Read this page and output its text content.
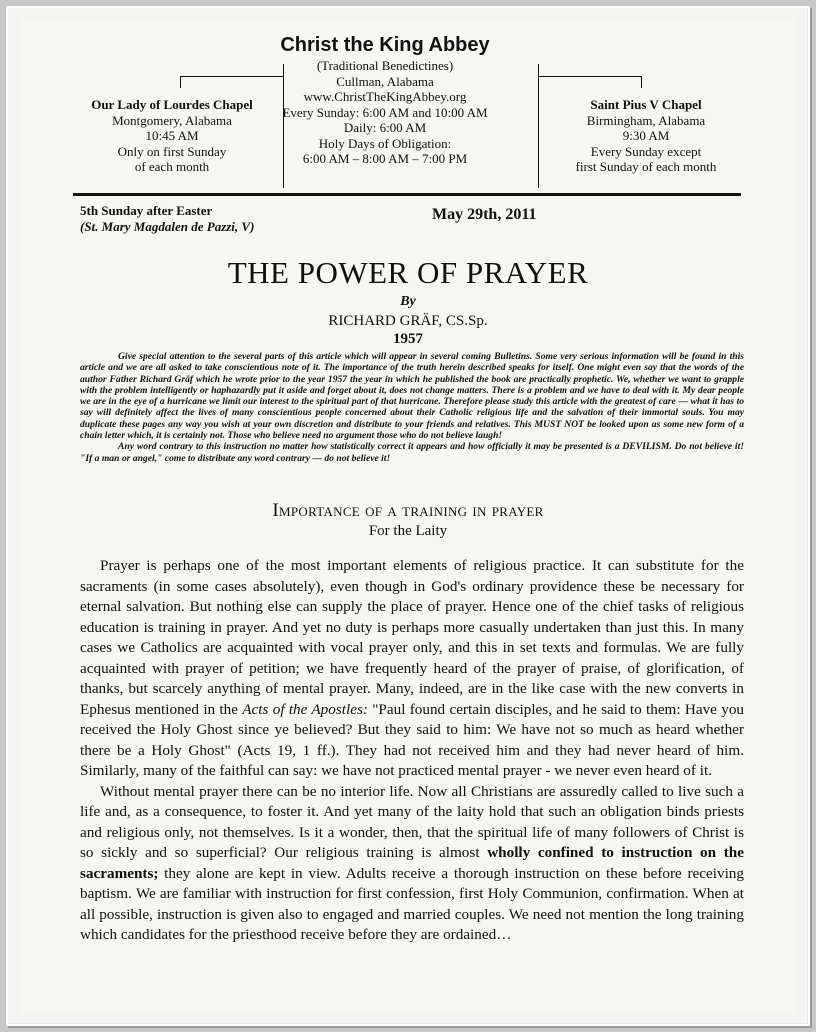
Christ the King Abbey
(Traditional Benedictines)
Cullman, Alabama
www.ChristTheKingAbbey.org
Every Sunday: 6:00 AM and 10:00 AM
Daily: 6:00 AM
Holy Days of Obligation:
6:00 AM – 8:00 AM – 7:00 PM
Our Lady of Lourdes Chapel
Montgomery, Alabama
10:45 AM
Only on first Sunday
of each month
Saint Pius V Chapel
Birmingham, Alabama
9:30 AM
Every Sunday except
first Sunday of each month
5th Sunday after Easter
(St. Mary Magdalen de Pazzi, V)
May 29th, 2011
THE POWER OF PRAYER
By
RICHARD GRÄF, CS.Sp.
1957

Give special attention to the several parts of this article which will appear in several coming Bulletins. Some very serious information will be found in this article and we are all asked to take conscientious note of it. The importance of the truth herein described speaks for itself. One might even say that the words of the author Father Richard Gräf which he wrote prior to the year 1957 the year in which he published the book are practically prophetic. We, whether we want to grapple with the problem intelligently or haphazardly put it aside and forget about it, does not change matters. There is a problem and we have to deal with it. My dear people we are in the eye of a hurricane we limit our interest to the spiritual part of that hurricane. Therefore please study this article with the greatest of care — what it has to say will definitely affect the lives of many conscientious people concerned about their Catholic religious life and the salvation of their immortal souls. You may duplicate these pages any way you wish at your own discretion and distribute to your friends and relatives. This MUST NOT be looked upon as some new form of a chain letter which, it is certainly not. Those who believe need no argument those who do not believe laugh!

Any word contrary to this instruction no matter how statistically correct it appears and how officially it may be presented is a DEVILISM. Do not believe it! "If a man or angel," come to distribute any word contrary — do not believe it!

Importance of a training in prayer
For the Laity

Prayer is perhaps one of the most important elements of religious practice. It can substitute for the sacraments (in some cases absolutely), even though in God's ordinary providence these be necessary for eternal salvation. But nothing else can supply the place of prayer. Hence one of the chief tasks of religious education is training in prayer. And yet no duty is perhaps more casually undertaken than just this. In many cases we Catholics are acquainted with vocal prayer only, and this in set texts and formulas. We are fully acquainted with prayer of petition; we have frequently heard of the prayer of praise, of glorification, of thanks, but scarcely anything of mental prayer. Many, indeed, are in the like case with the new converts in Ephesus mentioned in the Acts of the Apostles: "Paul found certain disciples, and he said to them: Have you received the Holy Ghost since ye believed? But they said to him: We have not so much as heard whether there be a Holy Ghost" (Acts 19, 1 ff.). They had not received him and they had never heard of him. Similarly, many of the faithful can say: we have not practiced mental prayer - we never even heard of it.

Without mental prayer there can be no interior life. Now all Christians are assuredly called to live such a life and, as a consequence, to foster it. And yet many of the laity hold that such an obligation binds priests and religious only, not themselves. Is it a wonder, then, that the spiritual life of many followers of Christ is so sickly and so superficial? Our religious training is almost wholly confined to instruction on the sacraments; they alone are kept in view. Adults receive a thorough instruction on these before receiving baptism. We are familiar with instruction for first confession, first Holy Communion, confirmation. When at all possible, instruction is given also to engaged and married couples. We need not mention the long training which candidates for the priesthood receive before they are ordained…
